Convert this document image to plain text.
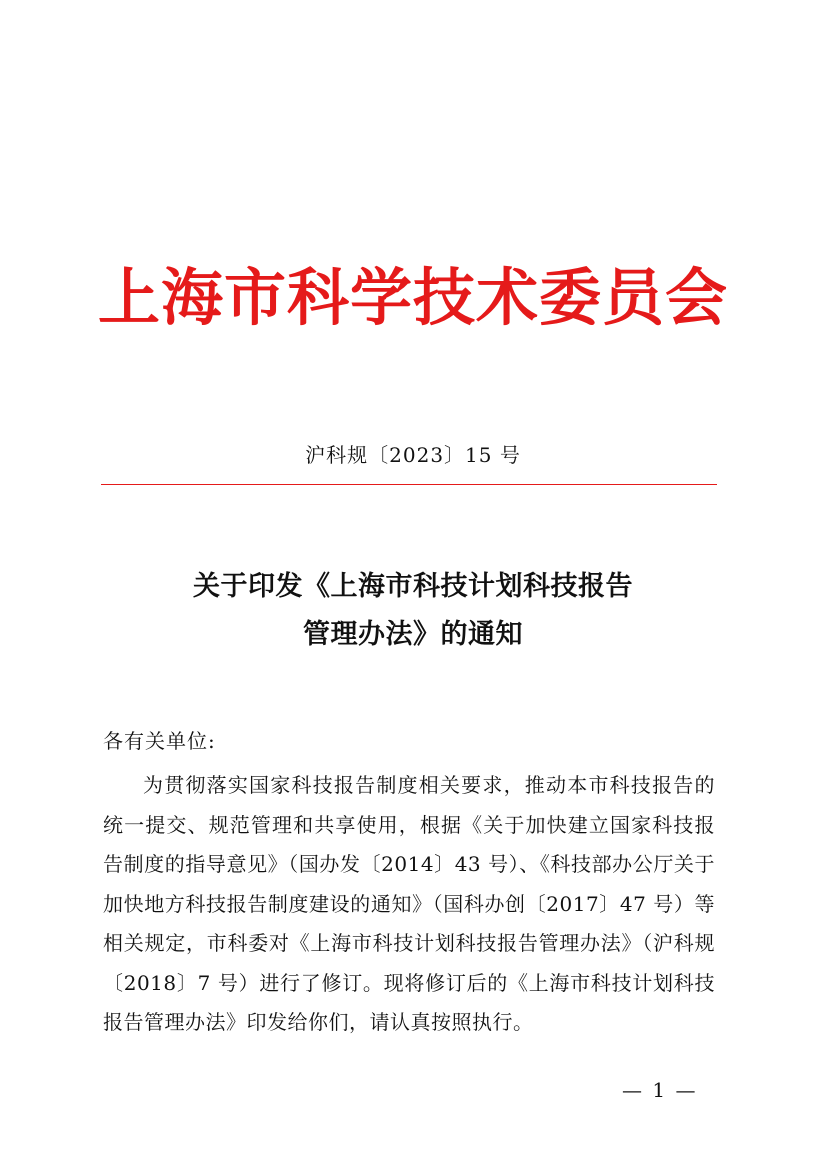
上海市科学技术委员会
沪科规〔2023〕15 号
关于印发《上海市科技计划科技报告
管理办法》的通知
各有关单位:

为贯彻落实国家科技报告制度相关要求，推动本市科技报告的统一提交、规范管理和共享使用，根据《关于加快建立国家科技报告制度的指导意见》（国办发〔2014〕43 号）、《科技部办公厅关于加快地方科技报告制度建设的通知》（国科办创〔2017〕47 号）等相关规定，市科委对《上海市科技计划科技报告管理办法》（沪科规〔2018〕7 号）进行了修订。现将修订后的《上海市科技计划科技报告管理办法》印发给你们，请认真按照执行。

— 1 —
